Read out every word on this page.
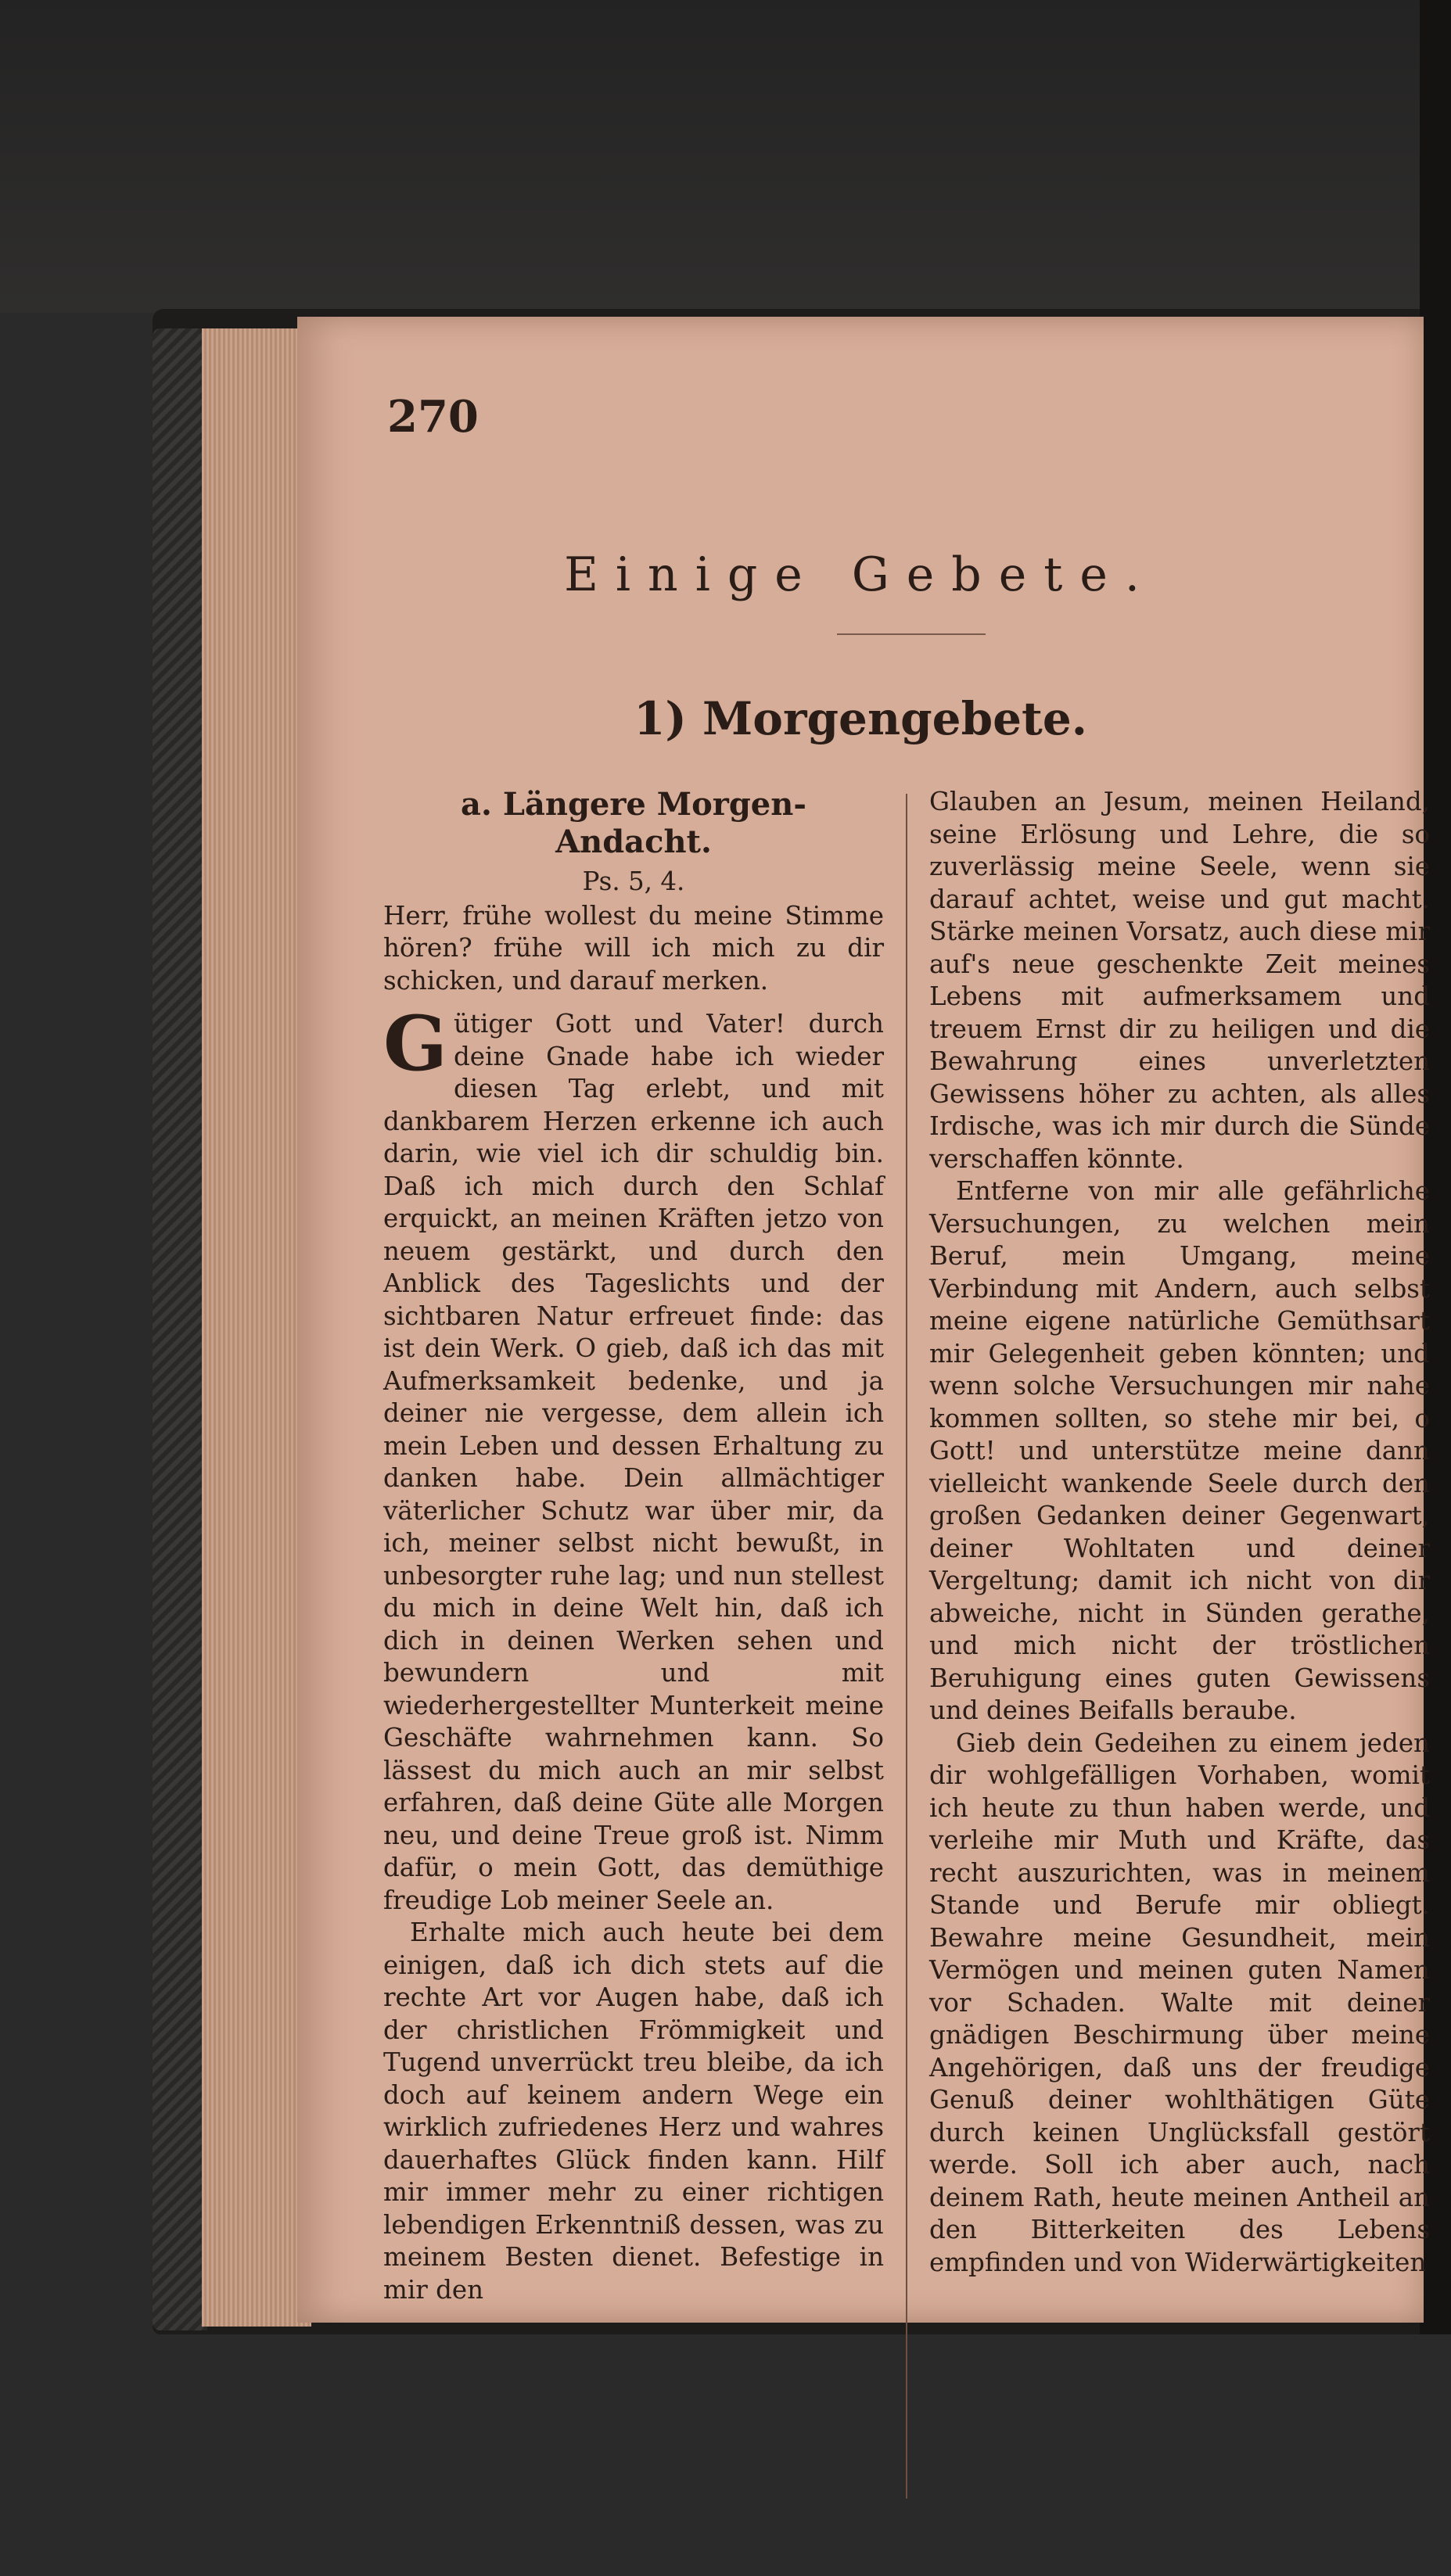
270
Einige Gebete.
1) Morgengebete.

a. Längere Morgen-Andacht.

Ps. 5, 4.

Herr, frühe wollest du meine Stimme hören? frühe will ich mich zu dir schicken, und darauf merken.

Gütiger Gott und Vater! durch deine Gnade habe ich wieder diesen Tag erlebt, und mit dankbarem Herzen erkenne ich auch darin, wie viel ich dir schuldig bin. Daß ich mich durch den Schlaf erquickt, an meinen Kräften jetzo von neuem gestärkt, und durch den Anblick des Tageslichts und der sichtbaren Natur erfreuet finde: das ist dein Werk. O gieb, daß ich das mit Aufmerksamkeit bedenke, und ja deiner nie vergesse, dem allein ich mein Leben und dessen Erhaltung zu danken habe. Dein allmächtiger väterlicher Schutz war über mir, da ich, meiner selbst nicht bewußt, in unbesorgter ruhe lag; und nun stellest du mich in deine Welt hin, daß ich dich in deinen Werken sehen und bewundern und mit wiederhergestellter Munterkeit meine Geschäfte wahrnehmen kann. So lässest du mich auch an mir selbst erfahren, daß deine Güte alle Morgen neu, und deine Treue groß ist. Nimm dafür, o mein Gott, das demüthige freudige Lob meiner Seele an.

Erhalte mich auch heute bei dem einigen, daß ich dich stets auf die rechte Art vor Augen habe, daß ich der christlichen Frömmigkeit und Tugend unverrückt treu bleibe, da ich doch auf keinem andern Wege ein wirklich zufriedenes Herz und wahres dauerhaftes Glück finden kann. Hilf mir immer mehr zu einer richtigen lebendigen Erkenntniß dessen, was zu meinem Besten dienet. Befestige in mir den

Glauben an Jesum, meinen Heiland, seine Erlösung und Lehre, die so zuverlässig meine Seele, wenn sie darauf achtet, weise und gut macht. Stärke meinen Vorsatz, auch diese mir auf's neue geschenkte Zeit meines Lebens mit aufmerksamem und treuem Ernst dir zu heiligen und die Bewahrung eines unverletzten Gewissens höher zu achten, als alles Irdische, was ich mir durch die Sünde verschaffen könnte.

Entferne von mir alle gefährliche Versuchungen, zu welchen mein Beruf, mein Umgang, meine Verbindung mit Andern, auch selbst meine eigene natürliche Gemüthsart mir Gelegenheit geben könnten; und wenn solche Versuchungen mir nahe kommen sollten, so stehe mir bei, o Gott! und unterstütze meine dann vielleicht wankende Seele durch den großen Gedanken deiner Gegenwart, deiner Wohltaten und deiner Vergeltung; damit ich nicht von dir abweiche, nicht in Sünden gerathe, und mich nicht der tröstlichen Beruhigung eines guten Gewissens und deines Beifalls beraube.

Gieb dein Gedeihen zu einem jeden dir wohlgefälligen Vorhaben, womit ich heute zu thun haben werde, und verleihe mir Muth und Kräfte, das recht auszurichten, was in meinem Stande und Berufe mir obliegt. Bewahre meine Gesundheit, mein Vermögen und meinen guten Namen vor Schaden. Walte mit deiner gnädigen Beschirmung über meine Angehörigen, daß uns der freudige Genuß deiner wohlthätigen Güte durch keinen Unglücksfall gestört werde. Soll ich aber auch, nach deinem Rath, heute meinen Antheil an den Bitterkeiten des Lebens empfinden und von Widerwärtigkeiten
